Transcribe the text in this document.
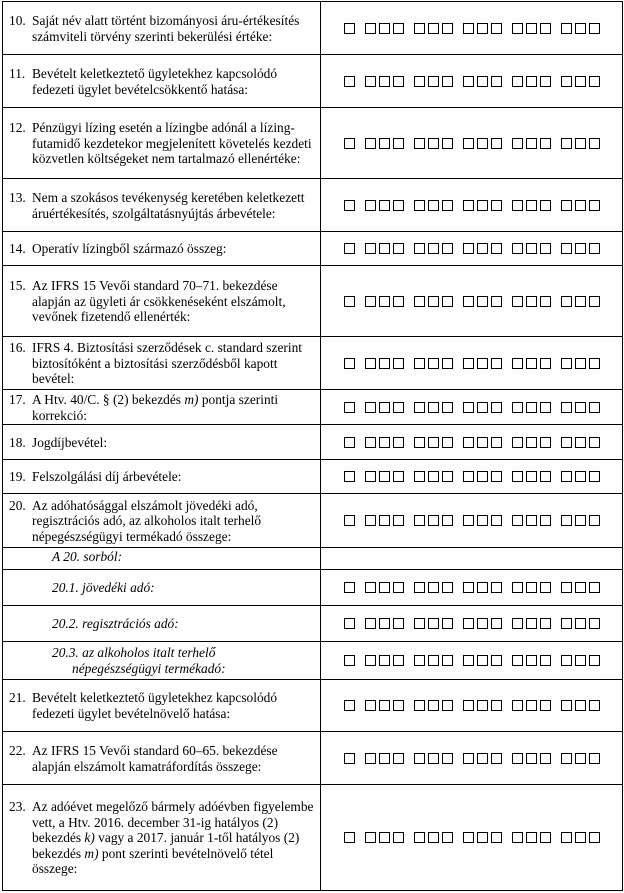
10. Saját név alatt történt bizományosi áru-értékesítés számviteli törvény szerinti bekerülési értéke:	

11. Bevételt keletkeztető ügyletekhez kapcsolódó fedezeti ügylet bevételcsökkentő hatása:	

12. Pénzügyi lízing esetén a lízingbe adónál a lízing-futamidő kezdetekor megjelenített követelés kezdeti közvetlen költségeket nem tartalmazó ellenértéke:	

13. Nem a szokásos tevékenység keretében keletkezett áruértékesítés, szolgáltatásnyújtás árbevétele:	

14. Operatív lízingből származó összeg:	

15. Az IFRS 15 Vevői standard 70–71. bekezdése alapján az ügyleti ár csökkenéseként elszámolt, vevőnek fizetendő ellenérték:	

16. IFRS 4. Biztosítási szerződések c. standard szerint biztosítóként a biztosítási szerződésből kapott bevétel:	

17. A Htv. 40/C. § (2) bekezdés m) pontja szerinti korrekció:	

18. Jogdíjbevétel:	

19. Felszolgálási díj árbevétele:	

20. Az adóhatósággal elszámolt jövedéki adó, regisztrációs adó, az alkoholos italt terhelő népegészségügyi termékadó összege:	

A 20. sorból:	

20.1. jövedéki adó:	

20.2. regisztrációs adó:	

20.3. az alkoholos italt terhelő
népegészségügyi termékadó:	

21. Bevételt keletkeztető ügyletekhez kapcsolódó fedezeti ügylet bevételnövelő hatása:	

22. Az IFRS 15 Vevői standard 60–65. bekezdése alapján elszámolt kamatráfordítás összege:	

23. Az adóévet megelőző bármely adóévben figyelembe vett, a Htv. 2016. december 31-ig hatályos (2) bekezdés k) vagy a 2017. január 1-től hatályos (2) bekezdés m) pont szerinti bevételnövelő tétel összege:	
